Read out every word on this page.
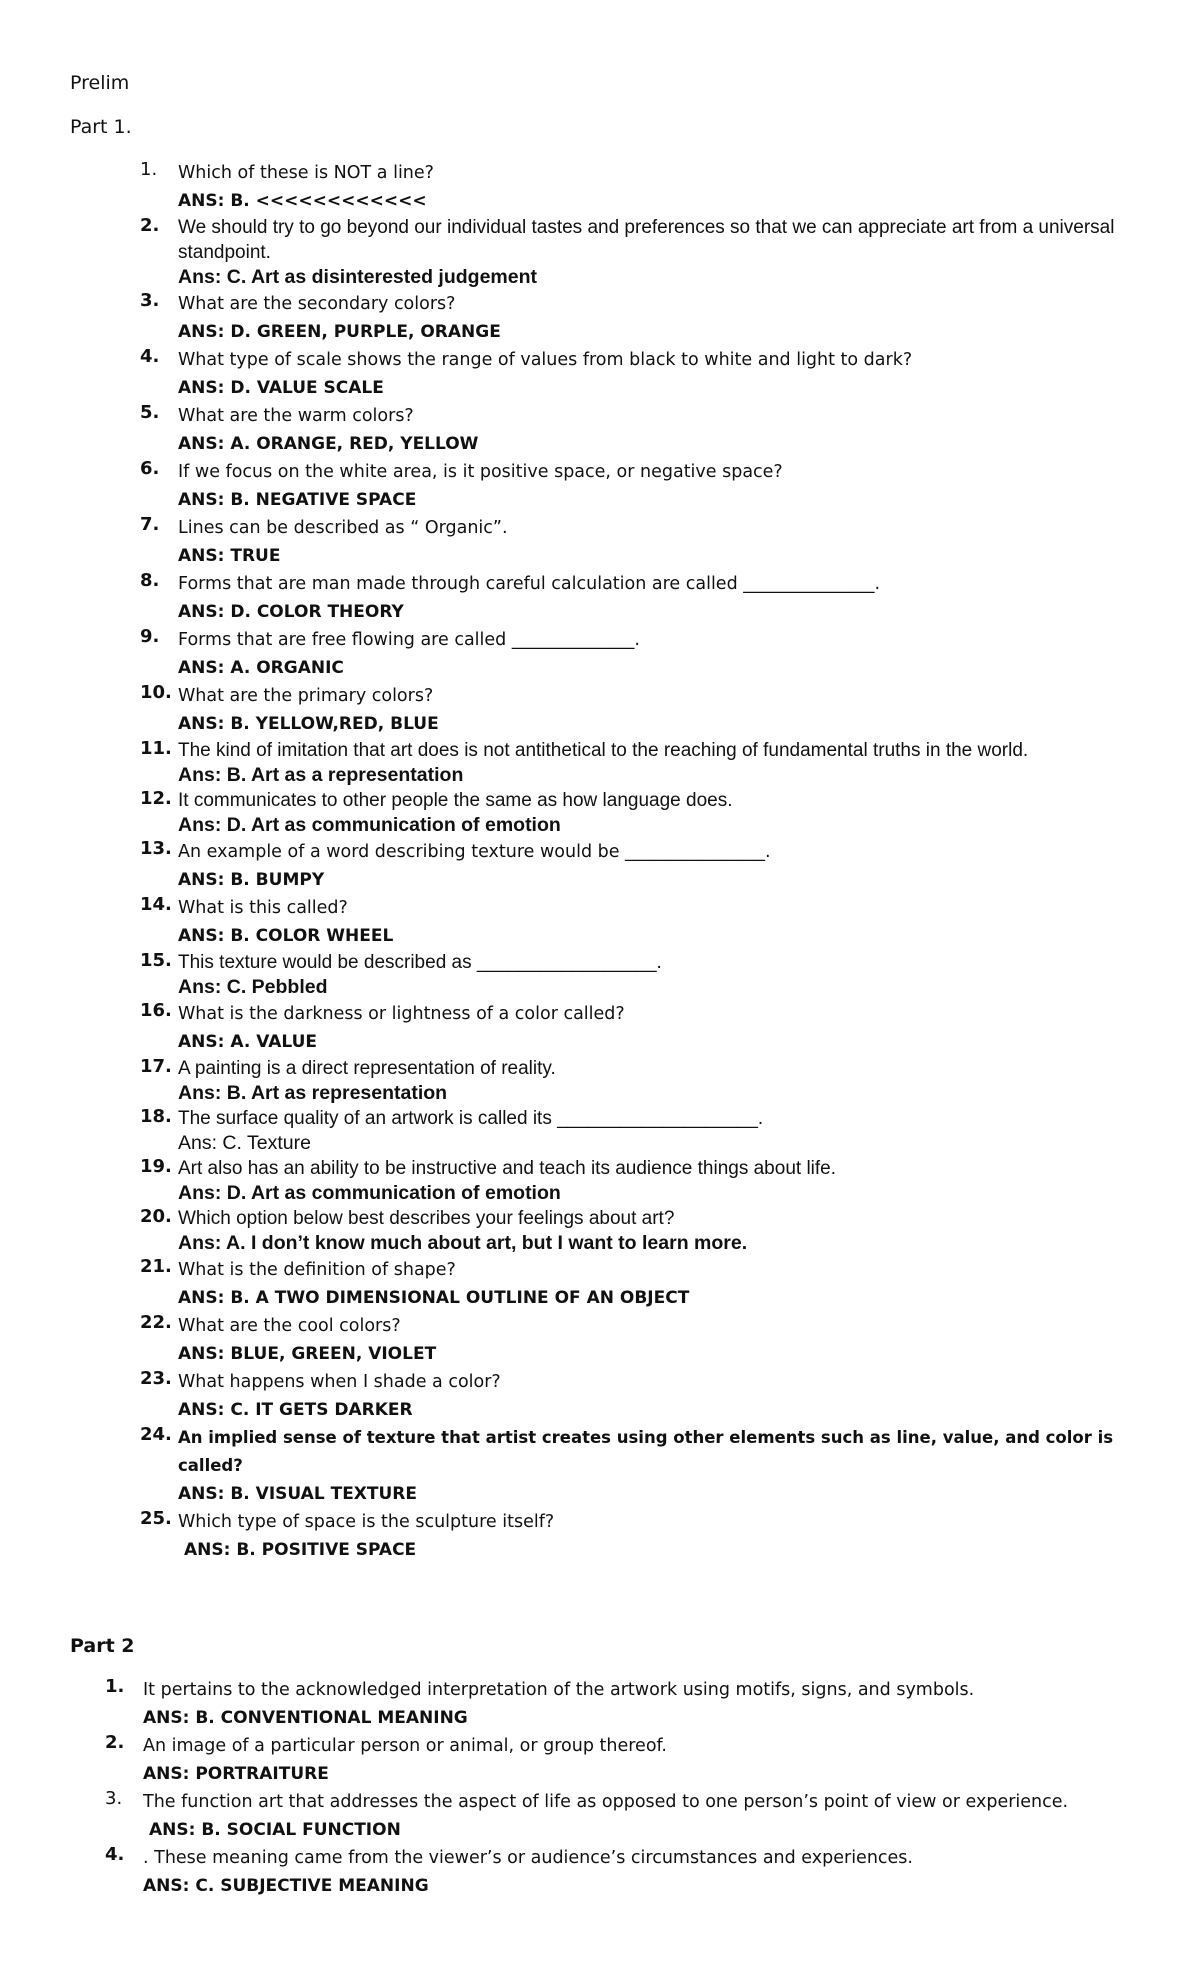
Prelim
Part 1.
1.	Which of these is NOT a line?

ANS: B. <<<<<<<<<<<<

2. We should try to go beyond our individual tastes and preferences so that we can appreciate art from a universal standpoint.

Ans: C. Art as disinterested judgement

3.	What are the secondary colors?

ANS: D. GREEN, PURPLE, ORANGE

4.	What type of scale shows the range of values from black to white and light to dark?

ANS: D. VALUE SCALE

5.	What are the warm colors?

ANS: A. ORANGE, RED, YELLOW

6.	If we focus on the white area, is it positive space, or negative space?

ANS: B. NEGATIVE SPACE

7.	Lines can be described as “ Organic”.

ANS: TRUE

8.	Forms that are man made through careful calculation are called _______________.

ANS: D. COLOR THEORY

9.	Forms that are free flowing are called ______________.

ANS: A. ORGANIC

10. What are the primary colors?

ANS: B. YELLOW,RED, BLUE

11. The kind of imitation that art does is not antithetical to the reaching of fundamental truths in the world.

Ans: B. Art as a representation

12. It communicates to other people the same as how language does.

Ans: D. Art as communication of emotion

13. An example of a word describing texture would be ________________.

ANS: B. BUMPY

14. What is this called?

ANS: B. COLOR WHEEL

15. This texture would be described as _________________.

Ans: C. Pebbled

16. What is the darkness or lightness of a color called?

ANS: A. VALUE

17. A painting is a direct representation of reality.

Ans: B. Art as representation

18. The surface quality of an artwork is called its ___________________.

Ans: C. Texture

19. Art also has an ability to be instructive and teach its audience things about life.

Ans: D. Art as communication of emotion

20. Which option below best describes your feelings about art?

Ans: A. I don’t know much about art, but I want to learn more.

21. What is the definition of shape?

ANS: B. A TWO DIMENSIONAL OUTLINE OF AN OBJECT

22. What are the cool colors?

ANS: BLUE, GREEN, VIOLET

23. What happens when I shade a color?

ANS: C. IT GETS DARKER

24. An implied sense of texture that artist creates using other elements such as line, value, and color is called?

ANS: B. VISUAL TEXTURE

25. Which type of space is the sculpture itself?

ANS: B. POSITIVE SPACE

Part 2
1.	It pertains to the acknowledged interpretation of the artwork using motifs, signs, and symbols.

ANS: B. CONVENTIONAL MEANING

2.	An image of a particular person or animal, or group thereof.

ANS: PORTRAITURE

3.	The function art that addresses the aspect of life as opposed to one person’s point of view or experience.

ANS: B. SOCIAL FUNCTION

4.	. These meaning came from the viewer’s or audience’s circumstances and experiences.

ANS: C. SUBJECTIVE MEANING
